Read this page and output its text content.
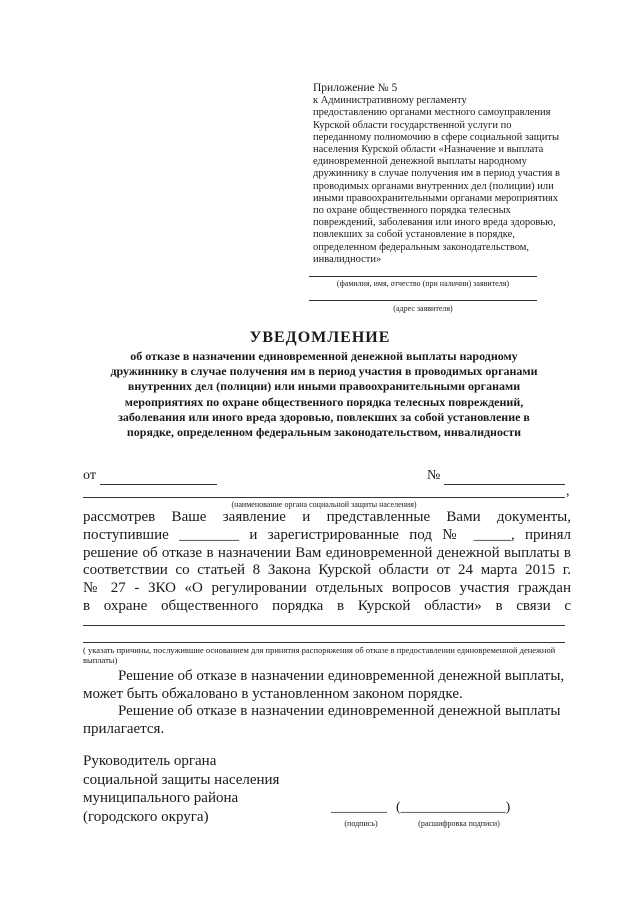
Приложение № 5
к Административному регламенту
предоставлению органами местного самоуправления
Курской области государственной услуги по
переданному полномочию в сфере социальной защиты
населения Курской области «Назначение и выплата
единовременной денежной выплаты народному
дружиннику в случае получения им в период участия в
проводимых органами внутренних дел (полиции) или
иными правоохранительными органами мероприятиях
по охране общественного порядка телесных
повреждений, заболевания или иного вреда здоровью,
повлекших за собой установление в порядке,
определенном федеральным законодательством,
инвалидности»
(фамилия, имя, отчество (при наличии) заявителя)
(адрес заявителя)
УВЕДОМЛЕНИЕ
об отказе в назначении единовременной денежной выплаты народному
дружиннику в случае получения им в период участия в проводимых органами
внутренних дел (полиции) или иными правоохранительными органами
мероприятиях по охране общественного порядка телесных повреждений,
заболевания или иного вреда здоровью, повлекших за собой установление в
порядке, определенном федеральным законодательством, инвалидности
от	№
,
(наименование органа социальной защиты населения)
рассмотрев Ваше заявление и представленные Вами документы,
поступившие ________ и зарегистрированные под № _____, принял
решение об отказе в назначении Вам единовременной денежной выплаты в
соответствии со статьей 8 Закона Курской области от 24 марта 2015 г.
№ 27 - ЗКО «О регулировании отдельных вопросов участия граждан
в охране общественного порядка в Курской области» в связи с
( указать причины, послужившие основанием для принятия распоряжения об отказе в предоставлении единовременной денежной выплаты)
Решение об отказе в назначении единовременной денежной выплаты,
может быть обжаловано в установленном законом порядке.
Решение об отказе в назначении единовременной денежной выплаты
прилагается.
Руководитель органа
социальной защиты населения
муниципального района
(городского округа)
________ (_______________)
(подпись)	(расшифровка подписи)
